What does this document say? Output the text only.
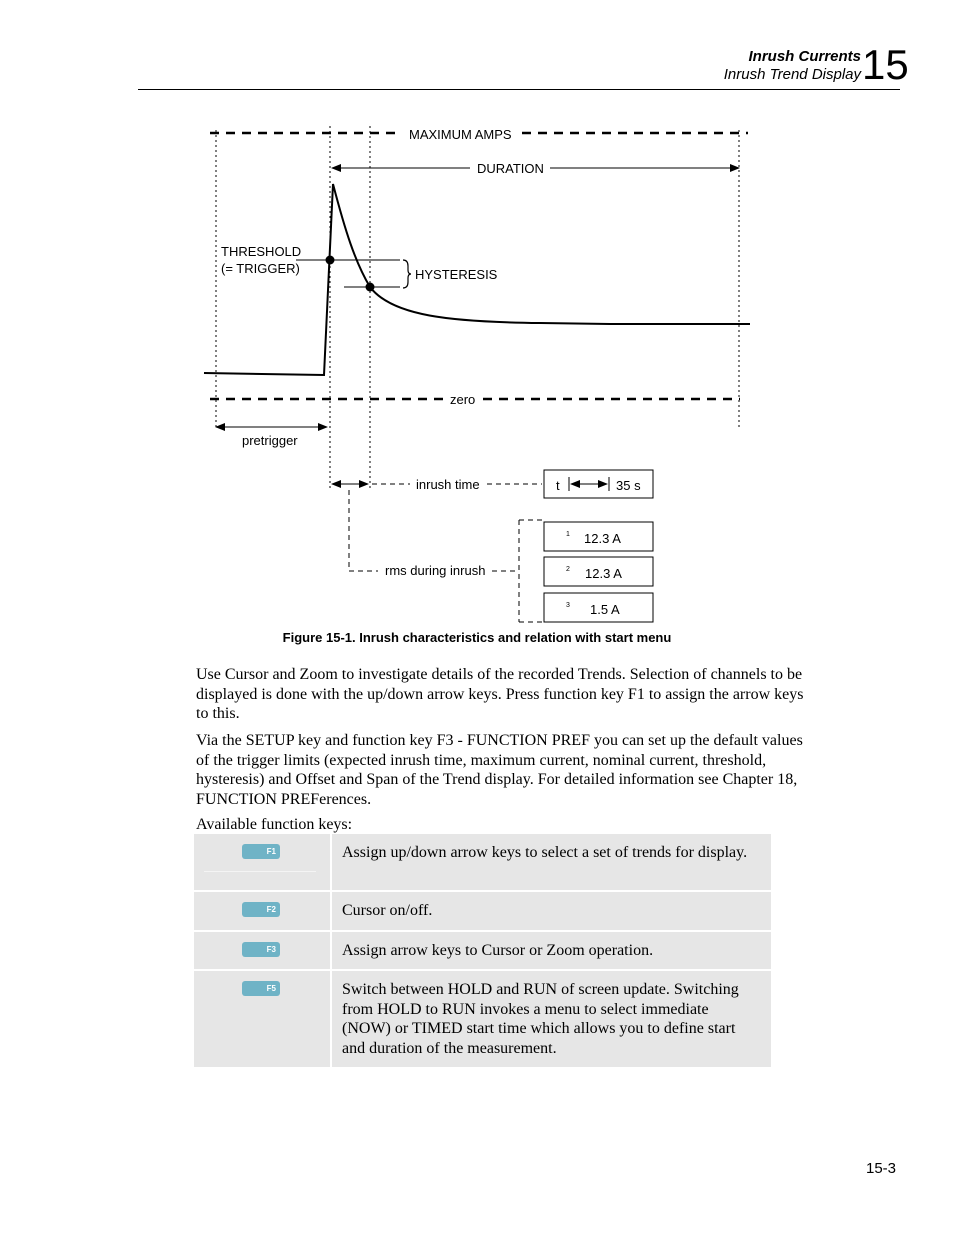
Inrush Currents
Inrush Trend Display 15
MAXIMUM AMPS
DURATION
THRESHOLD
(= TRIGGER)	HYSTERESIS
zero
pretrigger
inrush time	t	35 s
rms during inrush
1 12.3 A
2 12.3 A
3 1.5 A
Figure 15-1. Inrush characteristics and relation with start menu
Use Cursor and Zoom to investigate details of the recorded Trends. Selection of channels to be displayed is done with the up/down arrow keys. Press function key F1 to assign the arrow keys to this.
Via the SETUP key and function key F3 - FUNCTION PREF you can set up the default values of the trigger limits (expected inrush time, maximum current, nominal current, threshold, hysteresis) and Offset and Span of the Trend display. For detailed information see Chapter 18, FUNCTION PREFerences.
Available function keys:
F1	Assign up/down arrow keys to select a set of trends for display.

F2	Cursor on/off.

F3	Assign arrow keys to Cursor or Zoom operation.

F5	Switch between HOLD and RUN of screen update. Switching from HOLD to RUN invokes a menu to select immediate (NOW) or TIMED start time which allows you to define start and duration of the measurement.
15-3
